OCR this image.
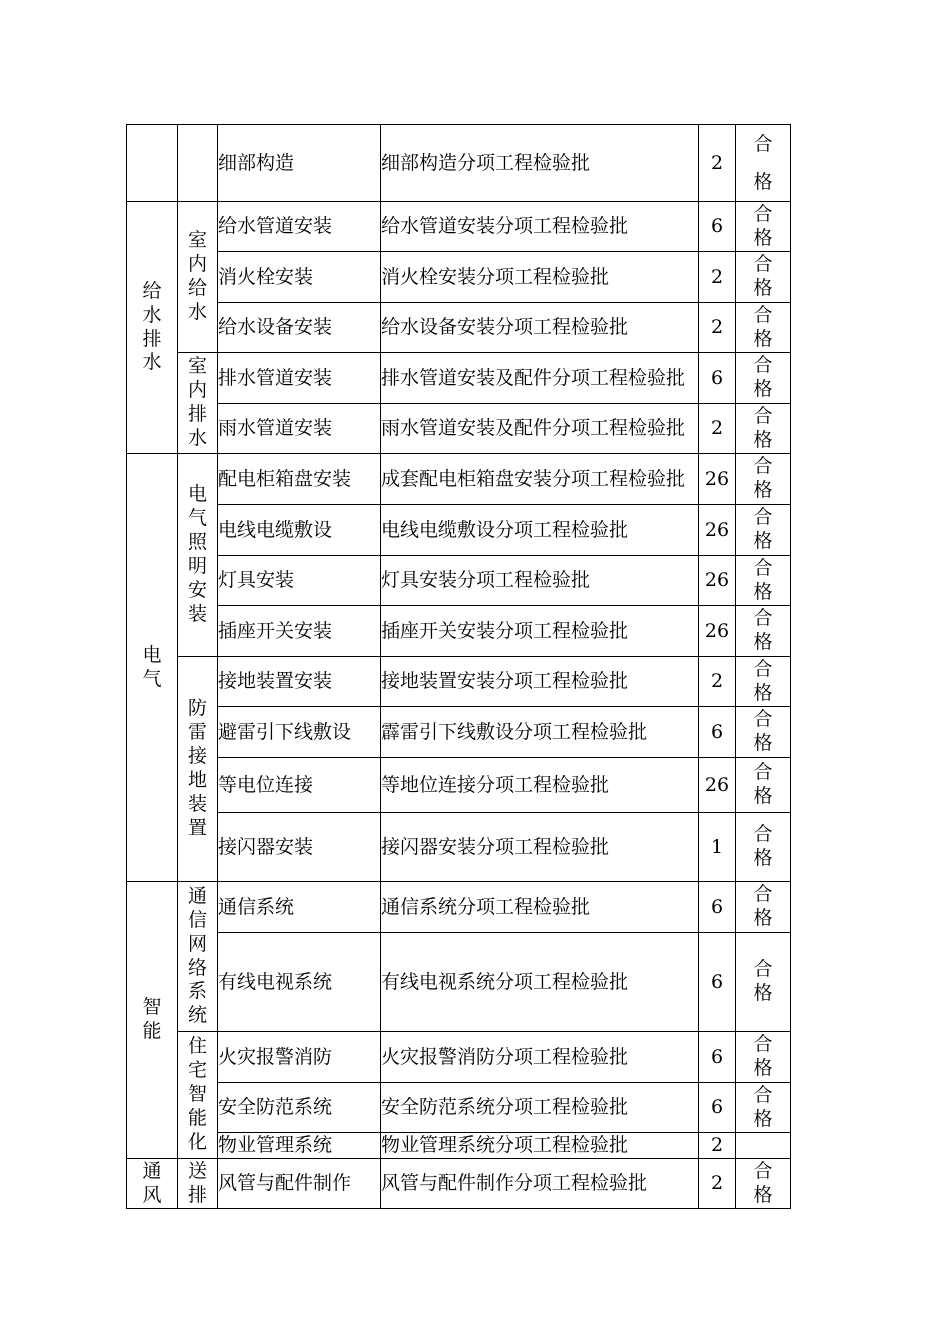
		细部构造	细部构造分项工程检验批	2	合格
给水排水	室内给水	给水管道安装	给水管道安装分项工程检验批	6	合格
		消火栓安装	消火栓安装分项工程检验批	2	合格
		给水设备安装	给水设备安装分项工程检验批	2	合格
	室内排水	排水管道安装	排水管道安装及配件分项工程检验批	6	合格
		雨水管道安装	雨水管道安装及配件分项工程检验批	2	合格
电气	电气照明安装	配电柜箱盘安装	成套配电柜箱盘安装分项工程检验批	26	合格
		电线电缆敷设	电线电缆敷设分项工程检验批	26	合格
		灯具安装	灯具安装分项工程检验批	26	合格
		插座开关安装	插座开关安装分项工程检验批	26	合格
	防雷接地装置	接地装置安装	接地装置安装分项工程检验批	2	合格
		避雷引下线敷设	霹雷引下线敷设分项工程检验批	6	合格
		等电位连接	等地位连接分项工程检验批	26	合格
		接闪器安装	接闪器安装分项工程检验批	1	合格
智能	通信网络系统	通信系统	通信系统分项工程检验批	6	合格
		有线电视系统	有线电视系统分项工程检验批	6	合格
	住宅智能化	火灾报警消防	火灾报警消防分项工程检验批	6	合格
		安全防范系统	安全防范系统分项工程检验批	6	合格
		物业管理系统	物业管理系统分项工程检验批	2	
通风	送排	风管与配件制作	风管与配件制作分项工程检验批	2	合格
